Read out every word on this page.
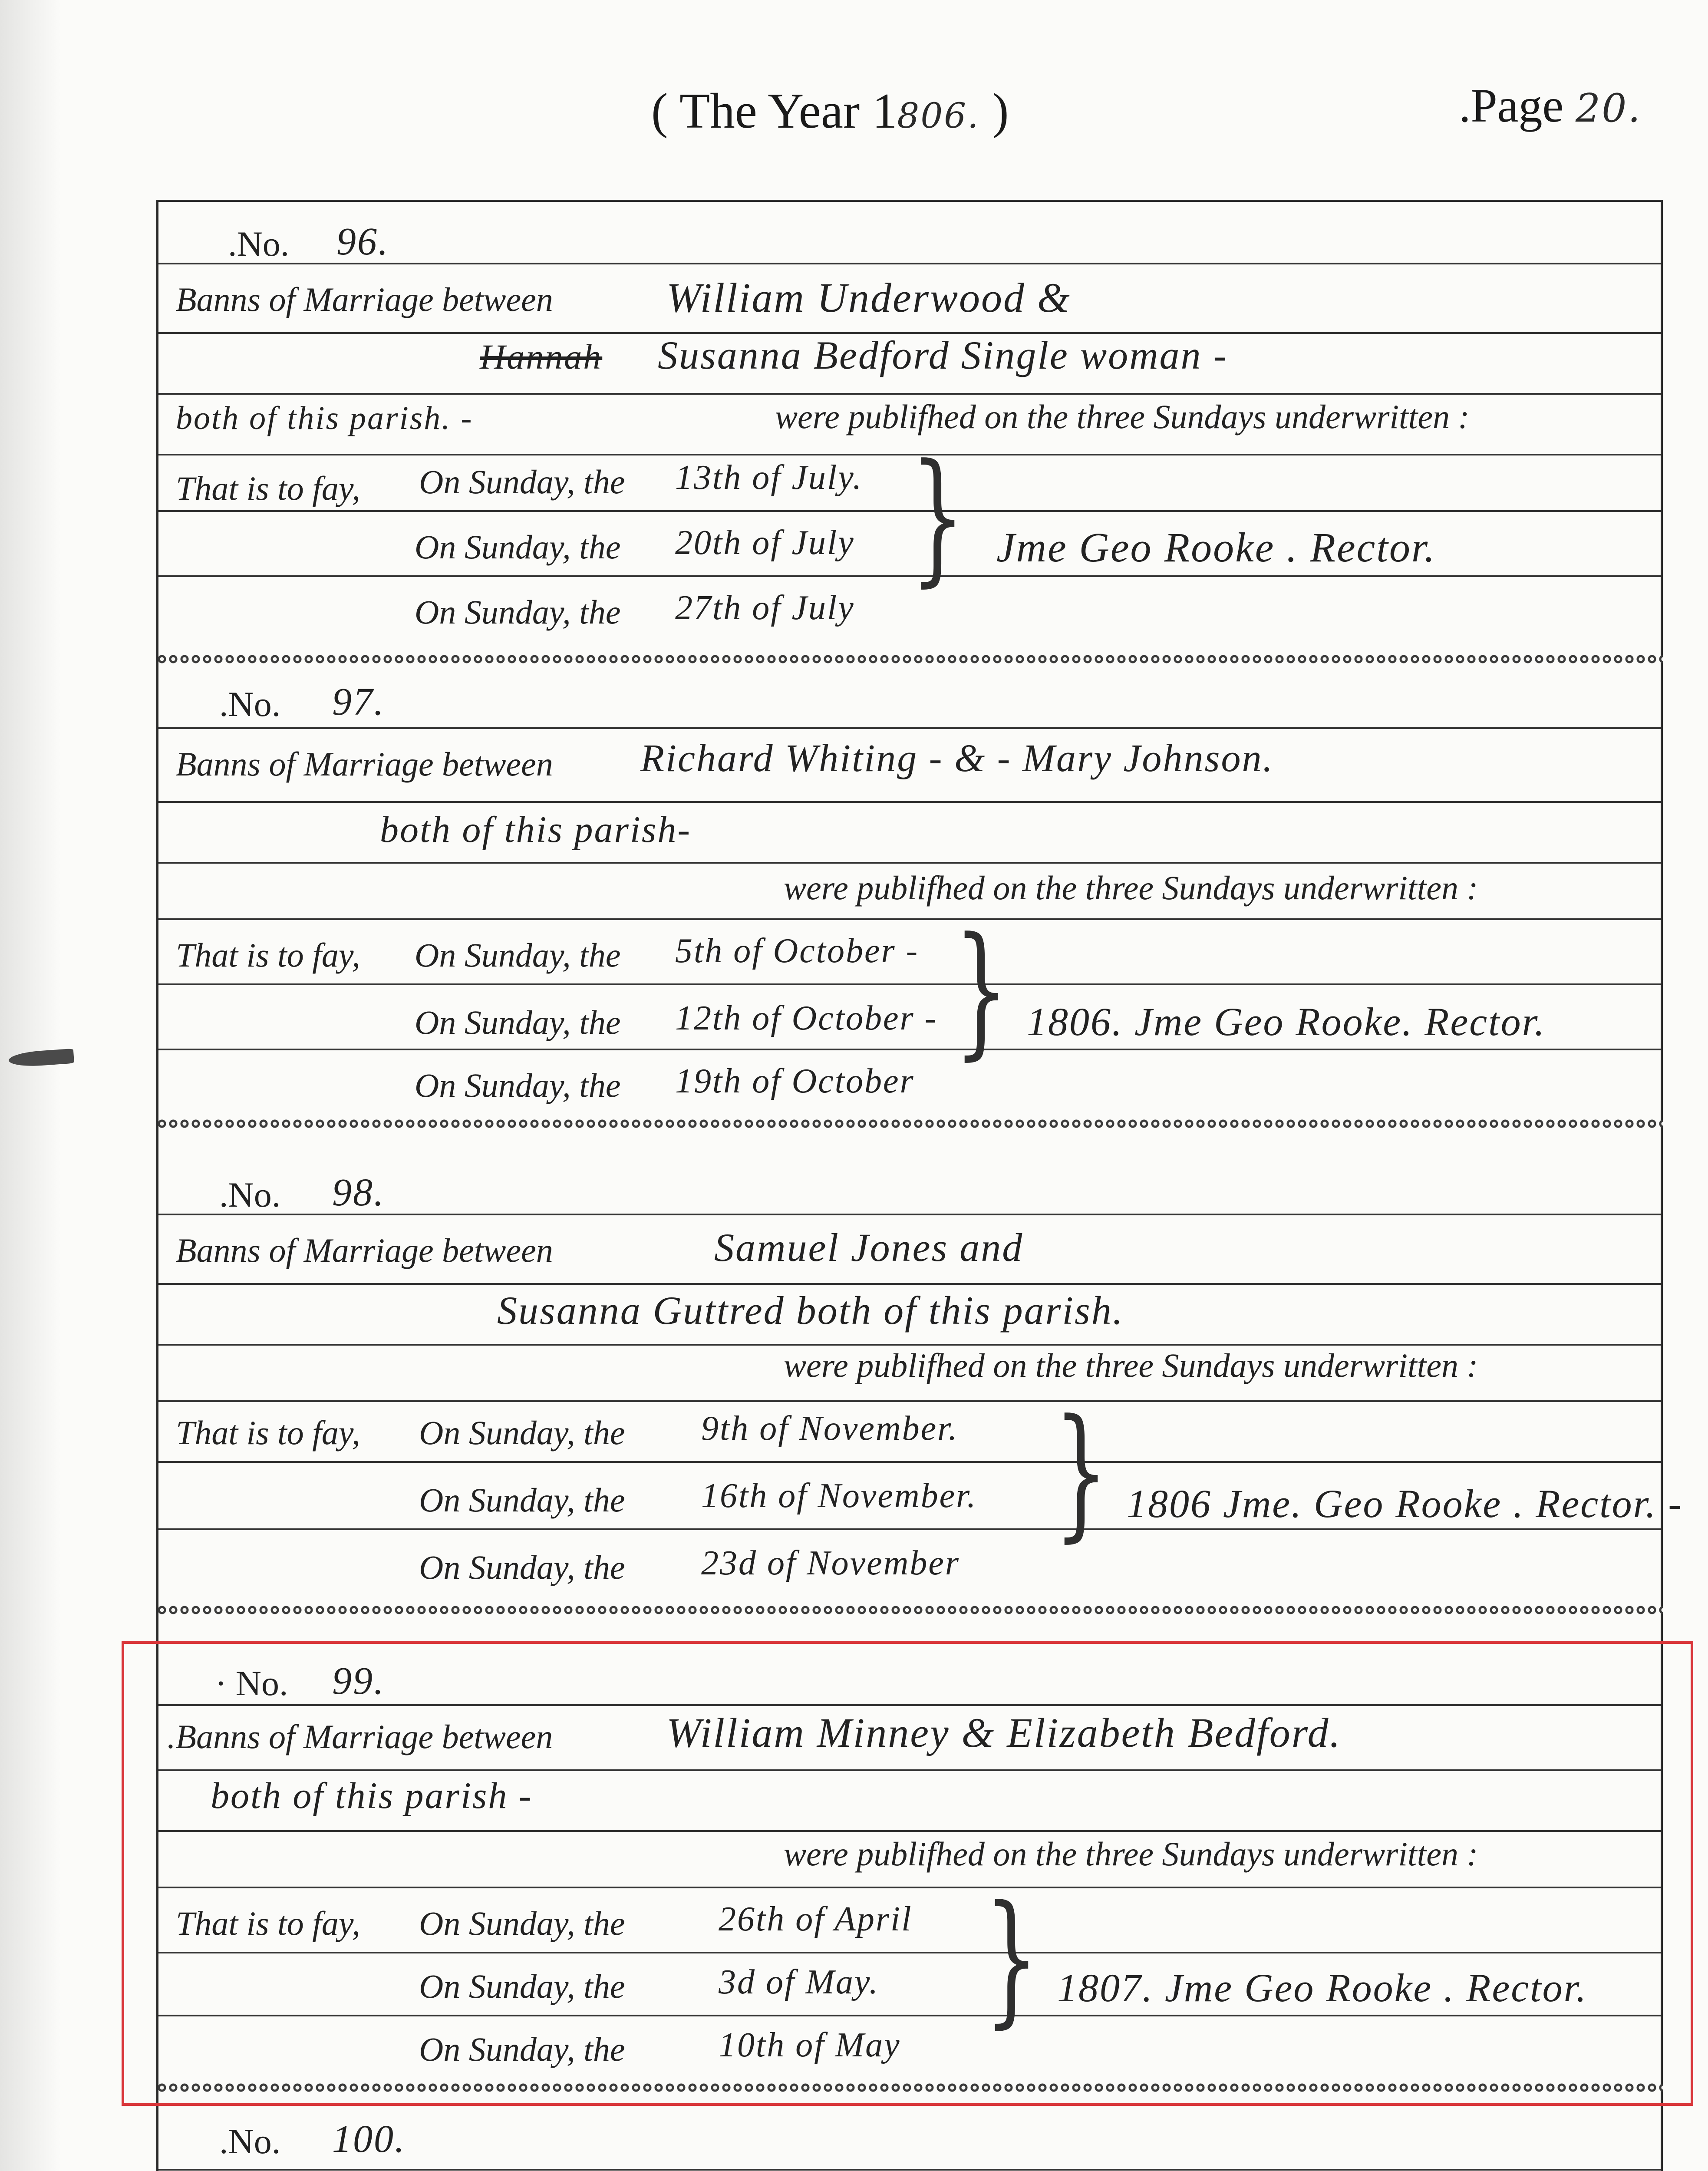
( The Year 1806. )	.Page 20.
.No. 96.
Banns of Marriage between	William Underwood &
Hannah Susanna Bedford Single woman -
both of this parish. -	were publifhed on the three Sundays underwritten :
That is to fay, On Sunday, the 13th of July.
On Sunday, the 20th of July
On Sunday, the 27th of July
} Jme Geo Rooke . Rector.
.No. 97.
Banns of Marriage between Richard Whiting - & - Mary Johnson.
both of this parish-
were publifhed on the three Sundays underwritten :
That is to fay, On Sunday, the 5th of October -
On Sunday, the 12th of October -
On Sunday, the 19th of October
} 1806. Jme Geo Rooke. Rector.
.No. 98.
Banns of Marriage between	Samuel Jones and
Susanna Guttred both of this parish.
were publifhed on the three Sundays underwritten :
That is to fay, On Sunday, the 9th of November.
On Sunday, the 16th of November.
On Sunday, the 23d of November
} 1806 Jme. Geo Rooke . Rector. -
· No. 99.
.Banns of Marriage between	William Minney & Elizabeth Bedford.
both of this parish -
were publifhed on the three Sundays underwritten :
That is to fay, On Sunday, the	26th of April
On Sunday, the	3d of May.
On Sunday, the	10th of May
} 1807. Jme Geo Rooke . Rector.
.No. 100.
